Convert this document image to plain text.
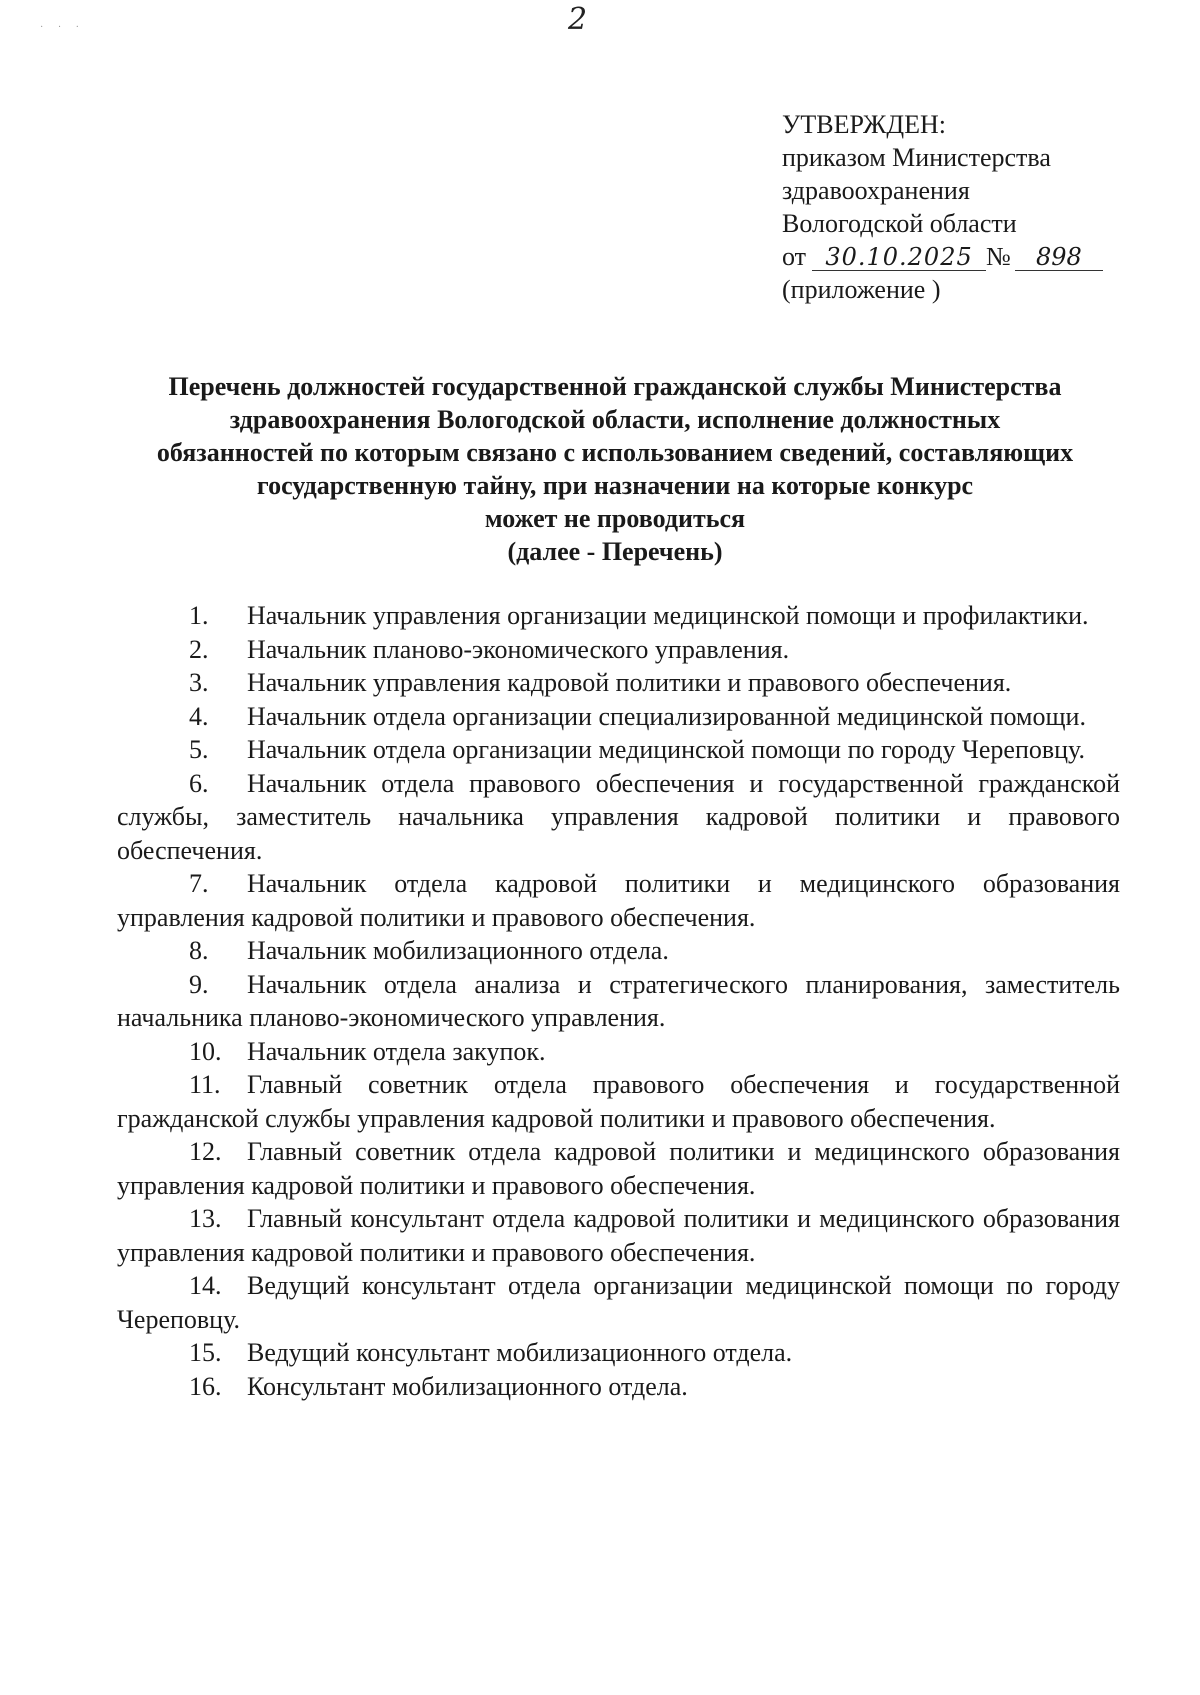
2
· · ·
УТВЕРЖДЕН:
приказом Министерства
здравоохранения
Вологодской области
от 30.10.2025 № 898
(приложение )
Перечень должностей государственной гражданской службы Министерства
здравоохранения Вологодской области, исполнение должностных
обязанностей по которым связано с использованием сведений, составляющих
государственную тайну, при назначении на которые конкурс
может не проводиться
(далее - Перечень)
1. Начальник управления организации медицинской помощи и профилактики.
2. Начальник планово-экономического управления.
3. Начальник управления кадровой политики и правового обеспечения.
4. Начальник отдела организации специализированной медицинской помощи.
5. Начальник отдела организации медицинской помощи по городу Череповцу.
6. Начальник отдела правового обеспечения и государственной гражданской службы, заместитель начальника управления кадровой политики и правового обеспечения.
7. Начальник отдела кадровой политики и медицинского образования управления кадровой политики и правового обеспечения.
8. Начальник мобилизационного отдела.
9. Начальник отдела анализа и стратегического планирования, заместитель начальника планово-экономического управления.
10. Начальник отдела закупок.
11. Главный советник отдела правового обеспечения и государственной гражданской службы управления кадровой политики и правового обеспечения.
12. Главный советник отдела кадровой политики и медицинского образования управления кадровой политики и правового обеспечения.
13. Главный консультант отдела кадровой политики и медицинского образования управления кадровой политики и правового обеспечения.
14. Ведущий консультант отдела организации медицинской помощи по городу Череповцу.
15. Ведущий консультант мобилизационного отдела.
16. Консультант мобилизационного отдела.
